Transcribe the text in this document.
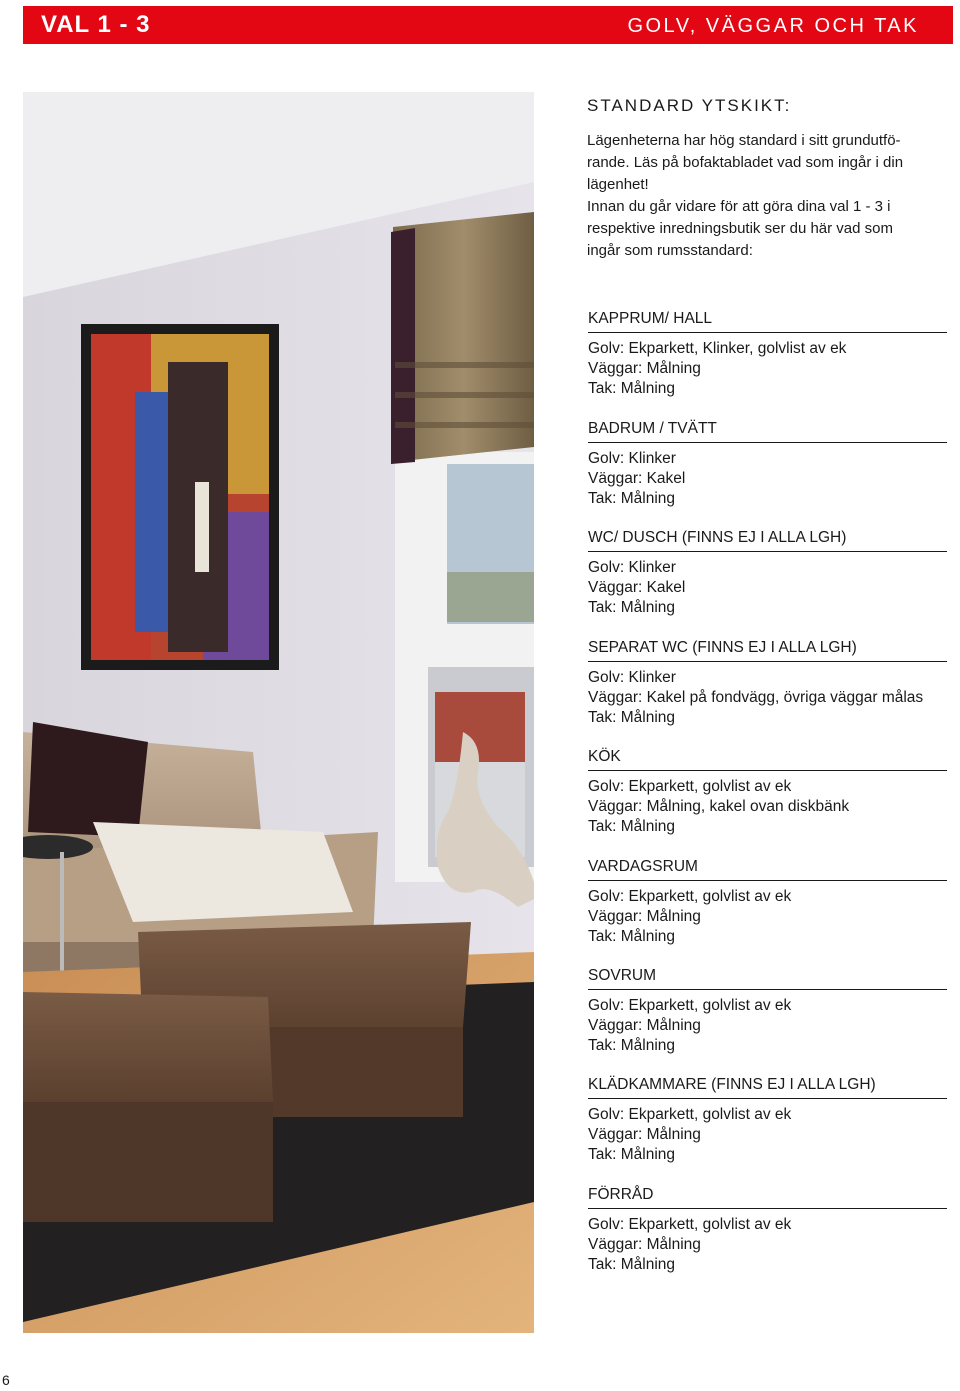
VAL 1 - 3	GOLV, VÄGGAR OCH TAK
STANDARD YTSKIKT:

Lägenheterna har hög standard i sitt grundutfö-

rande. Läs på bofaktabladet vad som ingår i din

lägenhet!

Innan du går vidare för att göra dina val 1 - 3 i

respektive inredningsbutik ser du här vad som

ingår som rumsstandard:

KAPPRUM/ HALL
Golv: Ekparkett, Klinker, golvlist av ek
Väggar: Målning
Tak: Målning
BADRUM / TVÄTT
Golv: Klinker
Väggar: Kakel
Tak: Målning
WC/ DUSCH (FINNS EJ I ALLA LGH)
Golv: Klinker
Väggar: Kakel
Tak: Målning
SEPARAT WC (FINNS EJ I ALLA LGH)
Golv: Klinker
Väggar: Kakel på fondvägg, övriga väggar målas
Tak: Målning
KÖK
Golv: Ekparkett, golvlist av ek
Väggar: Målning, kakel ovan diskbänk
Tak: Målning
VARDAGSRUM
Golv: Ekparkett, golvlist av ek
Väggar: Målning
Tak: Målning
SOVRUM
Golv: Ekparkett, golvlist av ek
Väggar: Målning
Tak: Målning
KLÄDKAMMARE (FINNS EJ I ALLA LGH)
Golv: Ekparkett, golvlist av ek
Väggar: Målning
Tak: Målning
FÖRRÅD
Golv: Ekparkett, golvlist av ek
Väggar: Målning
Tak: Målning
6
